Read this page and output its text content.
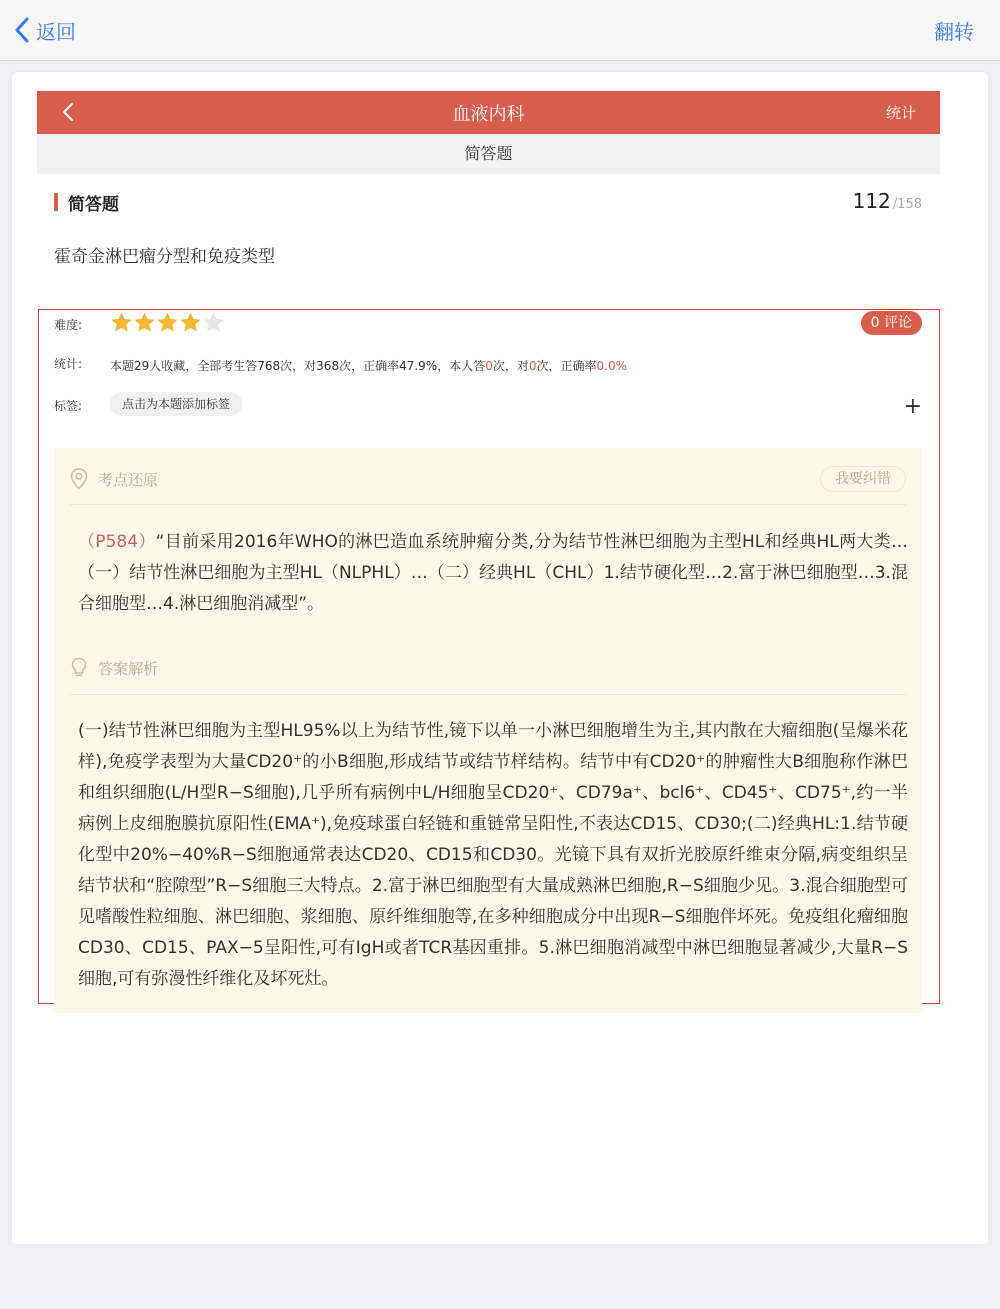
返回	翻转
血液内科	统计
简答题
简答题	112 /158
霍奇金淋巴瘤分型和免疫类型
难度:	0 评论
统计: 本题29人收藏，全部考生答768次，对368次，正确率47.9%，本人答0次，对0次，正确率0.0%
标签:	点击为本题添加标签	+
考点还原	我要纠错
（P584）“目前采用2016年WHO的淋巴造血系统肿瘤分类,分为结节性淋巴细胞为主型HL和经典HL两大类…（一）结节性淋巴细胞为主型HL（NLPHL）…（二）经典HL（CHL）1.结节硬化型…2.富于淋巴细胞型…3.混合细胞型…4.淋巴细胞消减型”。
答案解析
(一)结节性淋巴细胞为主型HL95%以上为结节性,镜下以单一小淋巴细胞增生为主,其内散在大瘤细胞(呈爆米花样),免疫学表型为大量CD20⁺的小B细胞,形成结节或结节样结构。结节中有CD20⁺的肿瘤性大B细胞称作淋巴和组织细胞(L/H型R−S细胞),几乎所有病例中L/H细胞呈CD20⁺、CD79a⁺、bcl6⁺、CD45⁺、CD75⁺,约一半病例上皮细胞膜抗原阳性(EMA⁺),免疫球蛋白轻链和重链常呈阳性,不表达CD15、CD30;(二)经典HL:1.结节硬化型中20%−40%R−S细胞通常表达CD20、CD15和CD30。光镜下具有双折光胶原纤维束分隔,病变组织呈结节状和“腔隙型”R−S细胞三大特点。2.富于淋巴细胞型有大量成熟淋巴细胞,R−S细胞少见。3.混合细胞型可见嗜酸性粒细胞、淋巴细胞、浆细胞、原纤维细胞等,在多种细胞成分中出现R−S细胞伴坏死。免疫组化瘤细胞CD30、CD15、PAX−5呈阳性,可有IgH或者TCR基因重排。5.淋巴细胞消减型中淋巴细胞显著减少,大量R−S细胞,可有弥漫性纤维化及坏死灶。
